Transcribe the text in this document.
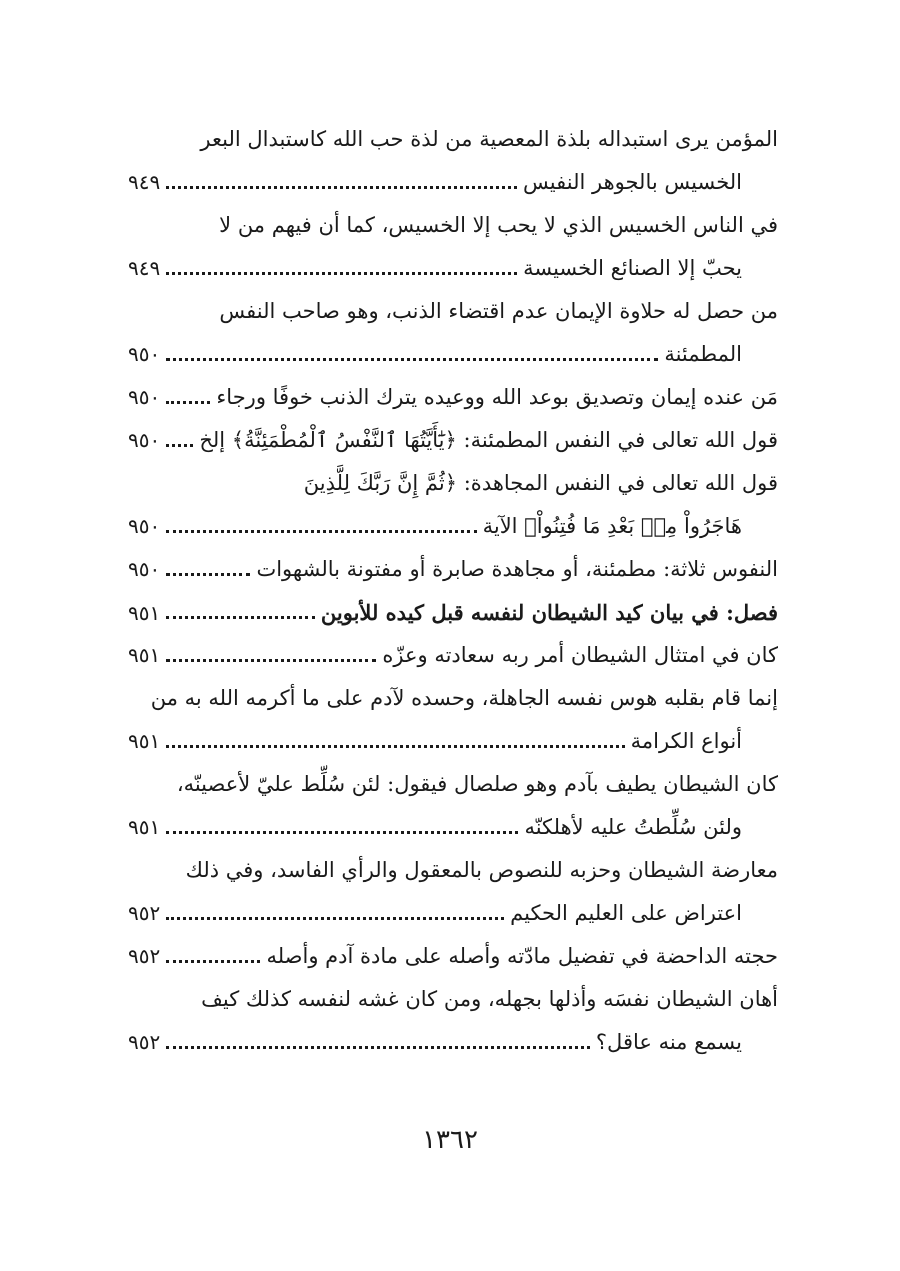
المؤمن يرى استبداله بلذة المعصية من لذة حب الله كاستبدال البعر
الخسيس بالجوهر النفيس
٩٤٩
في الناس الخسيس الذي لا يحب إلا الخسيس، كما أن فيهم من لا
يحبّ إلا الصنائع الخسيسة
٩٤٩
من حصل له حلاوة الإيمان عدم اقتضاء الذنب، وهو صاحب النفس
المطمئنة
٩٥٠
مَن عنده إيمان وتصديق بوعد الله ووعيده يترك الذنب خوفًا ورجاء
٩٥٠
قول الله تعالى في النفس المطمئنة: ﴿يَٰٓأَيَّتُهَا ٱلنَّفْسُ ٱلْمُطْمَئِنَّةُ﴾ إلخ
٩٥٠
قول الله تعالى في النفس المجاهدة: ﴿ثُمَّ إِنَّ رَبَّكَ لِلَّذِينَ
هَاجَرُواْ مِنۢ بَعْدِ مَا فُتِنُواْ﴾ الآية
٩٥٠
النفوس ثلاثة: مطمئنة، أو مجاهدة صابرة أو مفتونة بالشهوات
٩٥٠
فصل: في بيان كيد الشيطان لنفسه قبل كيده للأبوين
٩٥١
كان في امتثال الشيطان أمر ربه سعادته وعزّه
٩٥١
إنما قام بقلبه هوس نفسه الجاهلة، وحسده لآدم على ما أكرمه الله به من
أنواع الكرامة
٩٥١
كان الشيطان يطيف بآدم وهو صلصال فيقول: لئن سُلِّط عليّ لأعصينّه،
ولئن سُلِّطتُ عليه لأهلكنّه
٩٥١
معارضة الشيطان وحزبه للنصوص بالمعقول والرأي الفاسد، وفي ذلك
اعتراض على العليم الحكيم
٩٥٢
حجته الداحضة في تفضيل مادّته وأصله على مادة آدم وأصله
٩٥٢
أهان الشيطان نفسَه وأذلها بجهله، ومن كان غشه لنفسه كذلك كيف
يسمع منه عاقل؟
٩٥٢
١٣٦٢
